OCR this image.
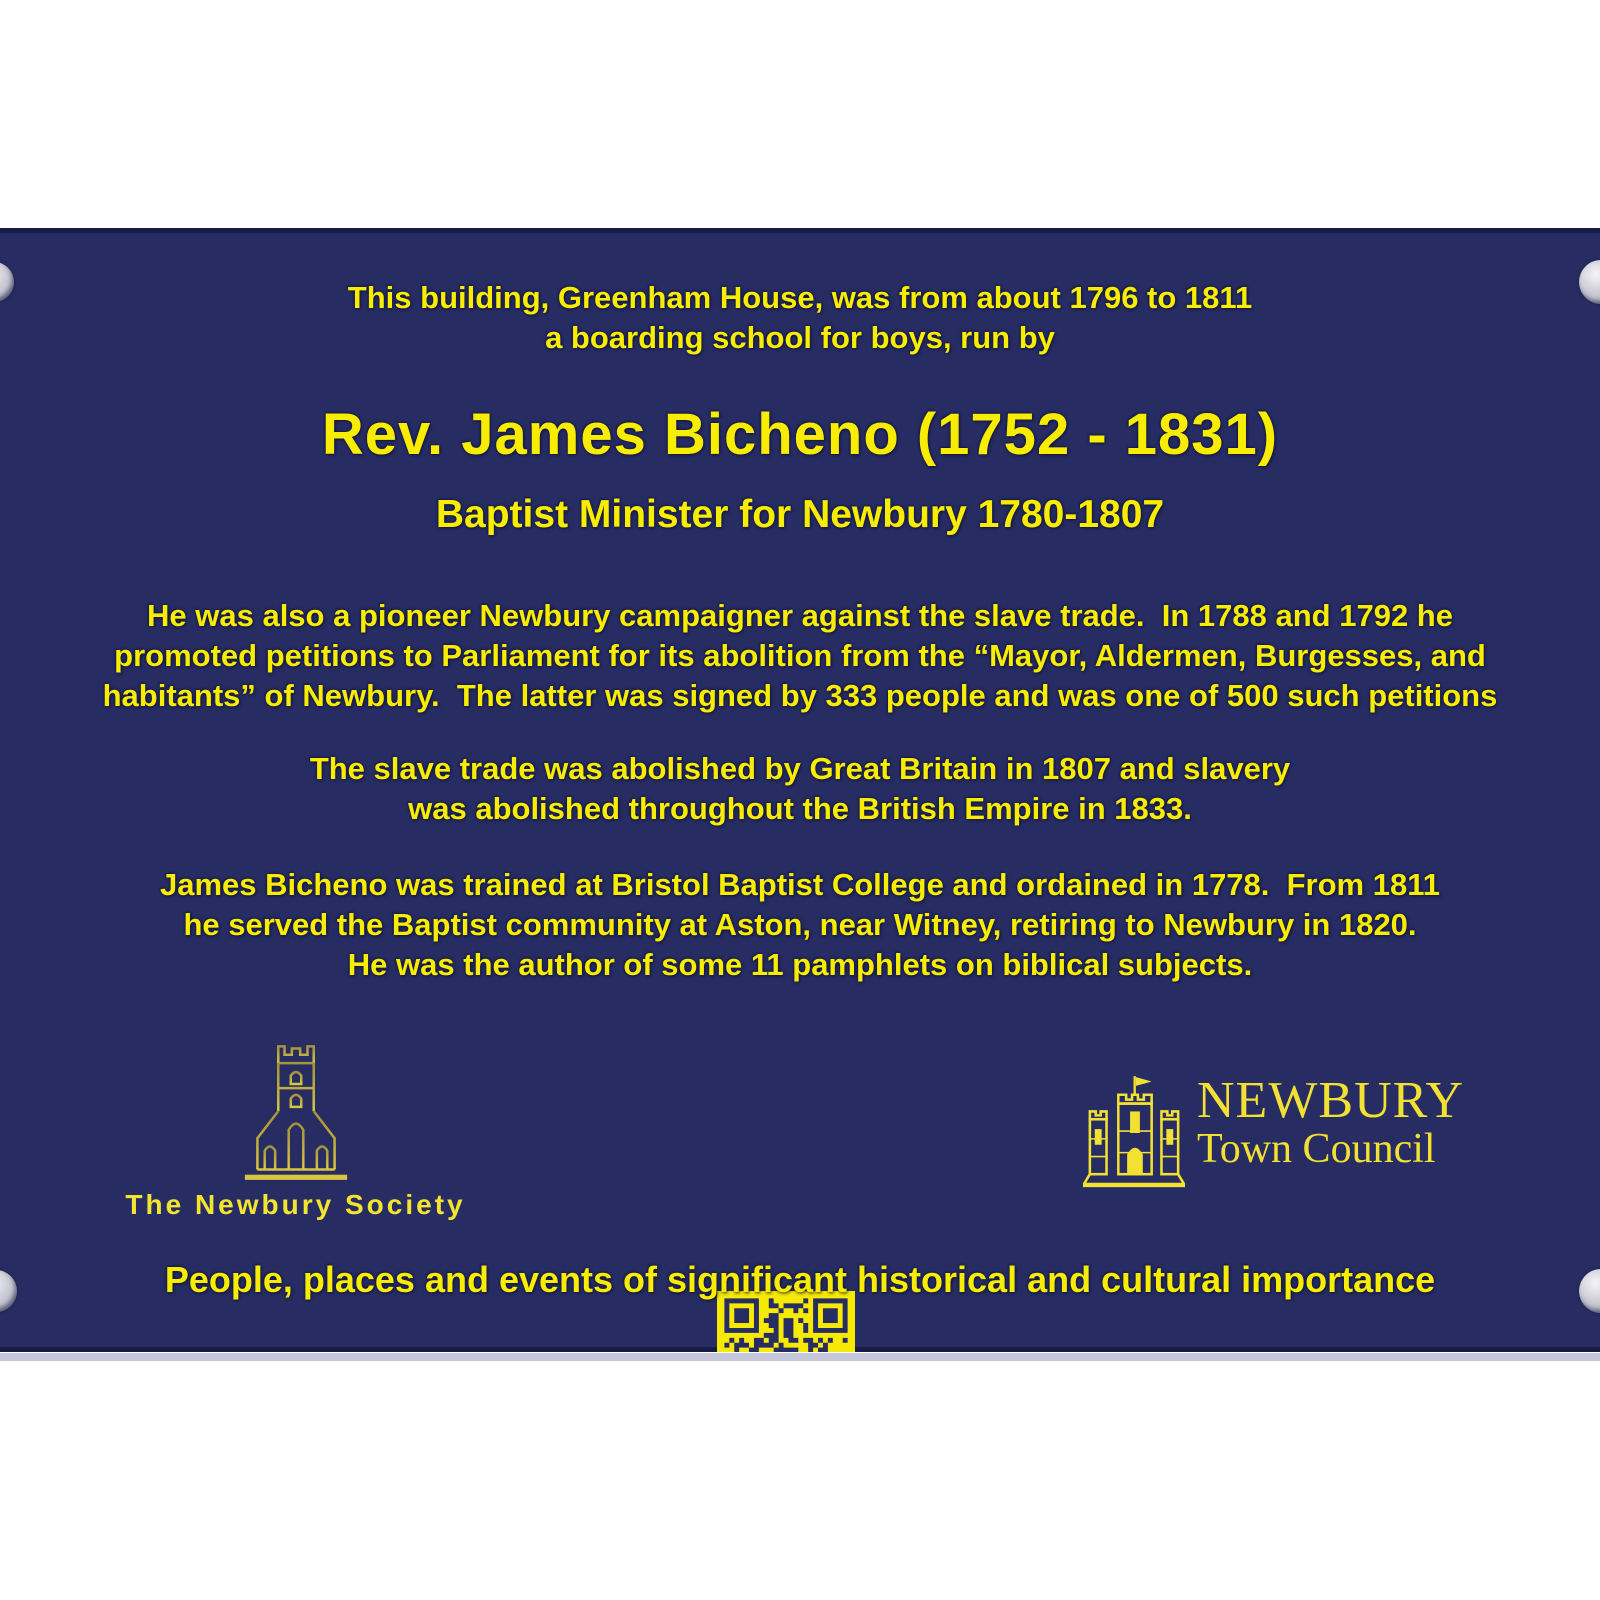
This building, Greenham House, was from about 1796 to 1811
a boarding school for boys, run by
Rev. James Bicheno (1752 - 1831)
Baptist Minister for Newbury 1780-1807
He was also a pioneer Newbury campaigner against the slave trade.  In 1788 and 1792 he
promoted petitions to Parliament for its abolition from the “Mayor, Aldermen, Burgesses, and
habitants” of Newbury.  The latter was signed by 333 people and was one of 500 such petitions
The slave trade was abolished by Great Britain in 1807 and slavery
was abolished throughout the British Empire in 1833.
James Bicheno was trained at Bristol Baptist College and ordained in 1778.  From 1811
he served the Baptist community at Aston, near Witney, retiring to Newbury in 1820.
He was the author of some 11 pamphlets on biblical subjects.
The Newbury Society
NEWBURY
Town Council
People, places and events of significant historical and cultural importance
